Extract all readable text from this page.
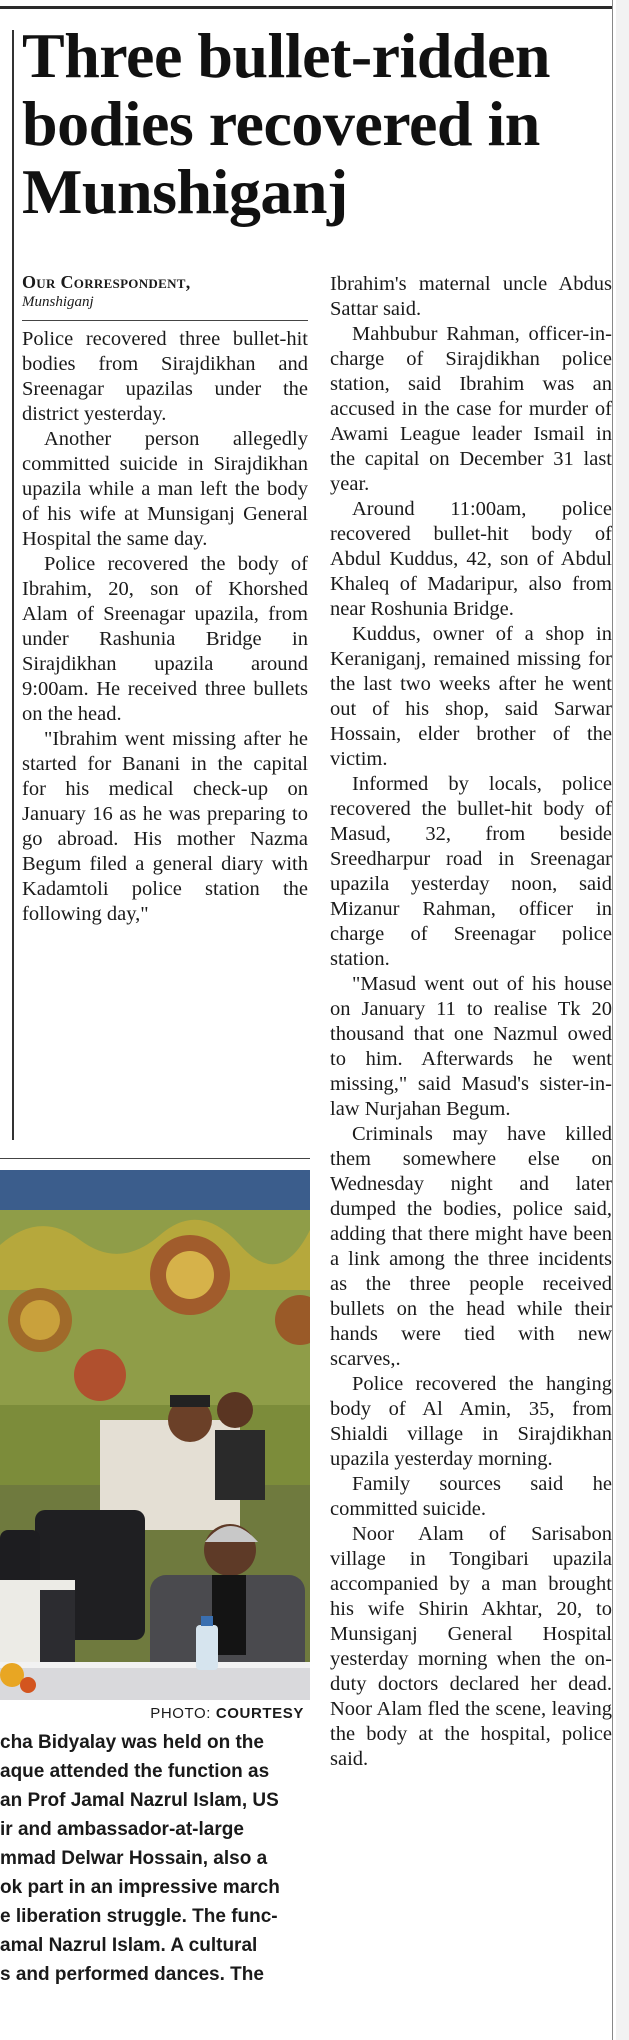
Three bullet-ridden bodies recovered in Munshiganj
Our Correspondent,
Munshiganj

Police recovered three bullet-hit bodies from Sirajdikhan and Sreenagar upazilas under the district yesterday.

Another person allegedly committed suicide in Sirajdikhan upazila while a man left the body of his wife at Munsiganj General Hospital the same day.

Police recovered the body of Ibrahim, 20, son of Khorshed Alam of Sreenagar upazila, from under Rashunia Bridge in Sirajdikhan upazila around 9:00am. He received three bullets on the head.

"Ibrahim went missing after he started for Banani in the capital for his medical check-up on January 16 as he was preparing to go abroad. His mother Nazma Begum filed a general diary with Kadamtoli police station the following day,"

Ibrahim's maternal uncle Abdus Sattar said.

Mahbubur Rahman, officer-in-charge of Sirajdikhan police station, said Ibrahim was an accused in the case for murder of Awami League leader Ismail in the capital on December 31 last year.

Around 11:00am, police recovered bullet-hit body of Abdul Kuddus, 42, son of Abdul Khaleq of Madaripur, also from near Roshunia Bridge.

Kuddus, owner of a shop in Keraniganj, remained missing for the last two weeks after he went out of his shop, said Sarwar Hossain, elder brother of the victim.

Informed by locals, police recovered the bullet-hit body of Masud, 32, from beside Sreedharpur road in Sreenagar upazila yesterday noon, said Mizanur Rahman, officer in charge of Sreenagar police station.

"Masud went out of his house on January 11 to realise Tk 20 thousand that one Nazmul owed to him. Afterwards he went missing," said Masud's sister-in-law Nurjahan Begum.

Criminals may have killed them somewhere else on Wednesday night and later dumped the bodies, police said, adding that there might have been a link among the three incidents as the three people received bullets on the head while their hands were tied with new scarves,.

Police recovered the hanging body of Al Amin, 35, from Shialdi village in Sirajdikhan upazila yesterday morning.

Family sources said he committed suicide.

Noor Alam of Sarisabon village in Tongibari upazila accompanied by a man brought his wife Shirin Akhtar, 20, to Munsiganj General Hospital yesterday morning when the on-duty doctors declared her dead. Noor Alam fled the scene, leaving the body at the hospital, police said.

PHOTO: COURTESY
cha Bidyalay was held on the
aque attended the function as
an Prof Jamal Nazrul Islam, US
ir and ambassador-at-large
mmad Delwar Hossain, also a
ok part in an impressive march
e liberation struggle. The func-
amal Nazrul Islam. A cultural
s and performed dances. The
